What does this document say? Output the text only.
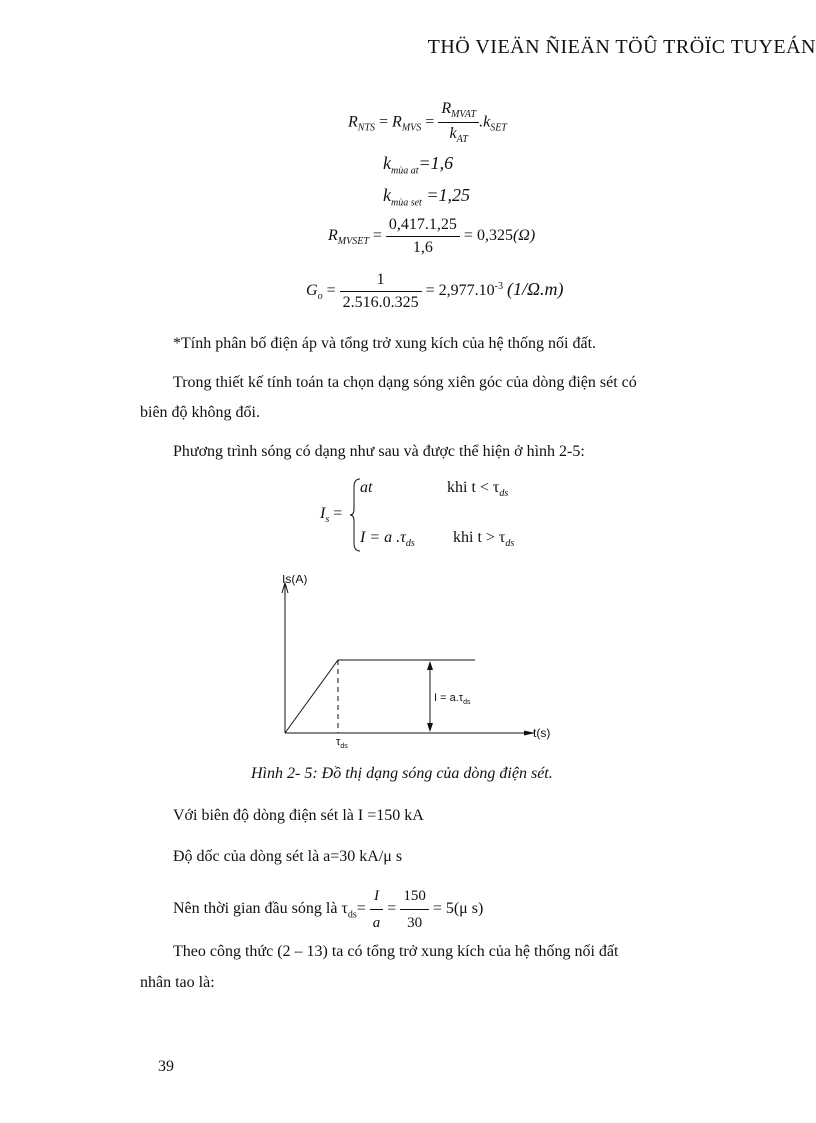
THÖ VIEÄN ÑIEÄN TÖÛ TRÖÏC TUYEÁN
$R_{NTS} = R_{MVS} = \frac{R_{MVAT}}{k_{AT}} .k_{SET}$
$k_{mùa at}=1,6$
$k_{mùa set} =1,25$
$R_{MVSET} = \frac{0,417.1,25}{1,6} = 0,325(\Omega)$
$G_o = \frac{1}{2.516.0.325} = 2,977.10^{-3}$ (1/Ω.m)
*Tính phân bố điện áp và tổng trở xung kích của hệ thống nối đất.
Trong thiết kế tính toán ta chọn dạng sóng xiên góc của dòng điện sét có
biên độ không đổi.
Phương trình sóng có dạng như sau và được thể hiện ở hình 2-5:
$I_s$ =
at	khi $t < \tau_{ds}$
I = a $.\tau_{ds}$ khi $t > \tau_{ds}$
Is(A)
t(s)
$I = a.\tau_{ds}$
$\tau_{ds}$
Hình 2- 5: Đồ thị dạng sóng của dòng điện sét.
Với biên độ dòng điện sét là I =150 kA
Độ dốc của dòng sét là a=30 kA/μ s
Nên thời gian đầu sóng là $\tau_{ds}= \frac{I}{a} = \frac{150}{30} = 5(\mu$ s)
Theo công thức (2 – 13) ta có tổng trở xung kích của hệ thống nối đất
nhân tao là:
39
